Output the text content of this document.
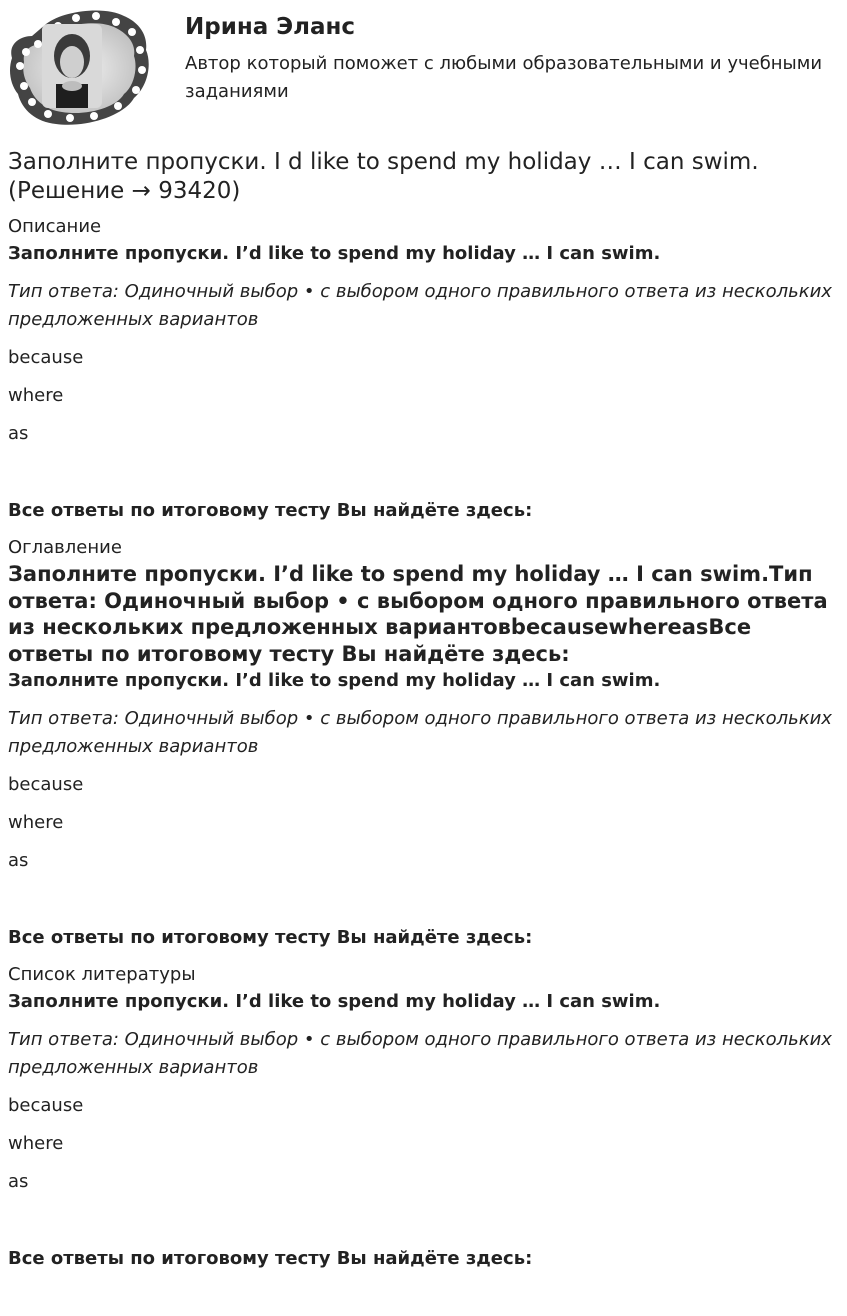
Ирина Эланс
Автор который поможет с любыми образовательными и учебными заданиями
Заполните пропуски. I d like to spend my holiday … I can swim. (Решение → 93420)
Описание
Заполните пропуски. I’d like to spend my holiday … I can swim.
Тип ответа: Одиночный выбор • с выбором одного правильного ответа из нескольких предложенных вариантов
because
where
as
Все ответы по итоговому тесту Вы найдёте здесь:
Оглавление
Заполните пропуски. I’d like to spend my holiday … I can swim.Тип ответа: Одиночный выбор • с выбором одного правильного ответа из нескольких предложенных вариантовbecausewhereasВсе ответы по итоговому тесту Вы найдёте здесь:
Заполните пропуски. I’d like to spend my holiday … I can swim.
Тип ответа: Одиночный выбор • с выбором одного правильного ответа из нескольких предложенных вариантов
because
where
as
Все ответы по итоговому тесту Вы найдёте здесь:
Список литературы
Заполните пропуски. I’d like to spend my holiday … I can swim.
Тип ответа: Одиночный выбор • с выбором одного правильного ответа из нескольких предложенных вариантов
because
where
as
Все ответы по итоговому тесту Вы найдёте здесь:
